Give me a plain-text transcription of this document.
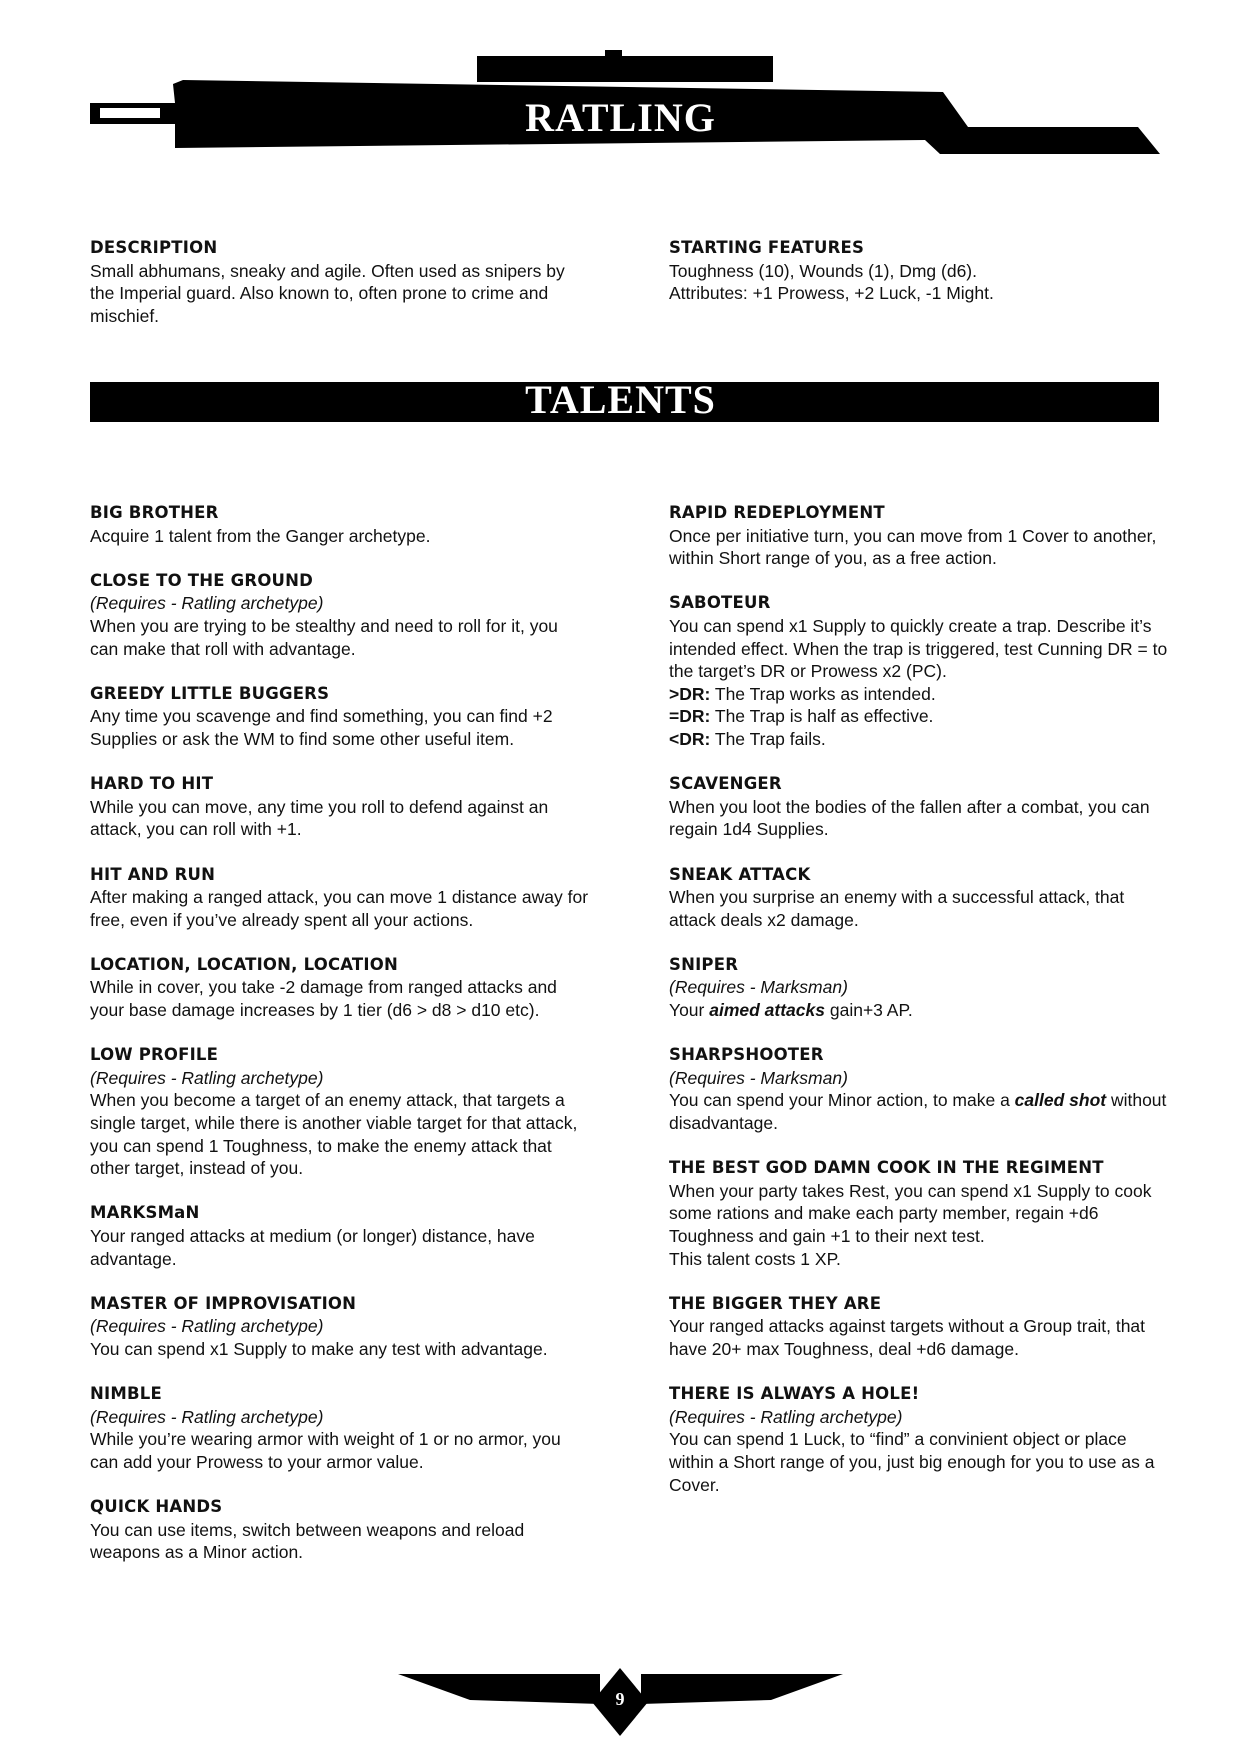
RATLING
DESCRIPTION
Small abhumans, sneaky and agile. Often used as snipers by the Imperial guard. Also known to, often prone to crime and mischief.
STARTING FEATURES
Toughness (10), Wounds (1), Dmg (d6).
Attributes: +1 Prowess, +2 Luck, -1 Might.
TALENTS
BIG BROTHER
Acquire 1 talent from the Ganger archetype.
CLOSE TO THE GROUND
(Requires - Ratling archetype)
When you are trying to be stealthy and need to roll for it, you can make that roll with advantage.
GREEDY LITTLE BUGGERS
Any time you scavenge and find something, you can find +2 Supplies or ask the WM to find some other useful item.
HARD TO HIT
While you can move, any time you roll to defend against an attack, you can roll with +1.
HIT AND RUN
After making a ranged attack, you can move 1 distance away for free, even if you’ve already spent all your actions.
LOCATION, LOCATION, LOCATION
While in cover, you take -2 damage from ranged attacks and your base damage increases by 1 tier (d6 > d8 > d10 etc).
LOW PROFILE
(Requires - Ratling archetype)
When you become a target of an enemy attack, that targets a single target, while there is another viable target for that attack, you can spend 1 Toughness, to make the enemy attack that other target, instead of you.
MARKSMaN
Your ranged attacks at medium (or longer) distance, have advantage.
MASTER OF IMPROVISATION
(Requires - Ratling archetype)
You can spend x1 Supply to make any test with advantage.
NIMBLE
(Requires - Ratling archetype)
While you’re wearing armor with weight of 1 or no armor, you can add your Prowess to your armor value.
QUICK HANDS
You can use items, switch between weapons and reload weapons as a Minor action.
RAPID REDEPLOYMENT
Once per initiative turn, you can move from 1 Cover to another, within Short range of you, as a free action.
SABOTEUR
You can spend x1 Supply to quickly create a trap. Describe it’s intended effect. When the trap is triggered, test Cunning DR = to the target’s DR or Prowess x2 (PC).
>DR: The Trap works as intended.
=DR: The Trap is half as effective.
<DR: The Trap fails.
SCAVENGER
When you loot the bodies of the fallen after a combat, you can regain 1d4 Supplies.
SNEAK ATTACK
When you surprise an enemy with a successful attack, that attack deals x2 damage.
SNIPER
(Requires - Marksman)
Your aimed attacks gain+3 AP.
SHARPSHOOTER
(Requires - Marksman)
You can spend your Minor action, to make a called shot without disadvantage.
THE BEST GOD DAMN COOK IN THE REGIMENT
When your party takes Rest, you can spend x1 Supply to cook some rations and make each party member, regain +d6 Toughness and gain +1 to their next test.
This talent costs 1 XP.
THE BIGGER THEY ARE
Your ranged attacks against targets without a Group trait, that have 20+ max Toughness, deal +d6 damage.
THERE IS ALWAYS A HOLE!
(Requires - Ratling archetype)
You can spend 1 Luck, to “find” a convinient object or place within a Short range of you, just big enough for you to use as a Cover.
9
